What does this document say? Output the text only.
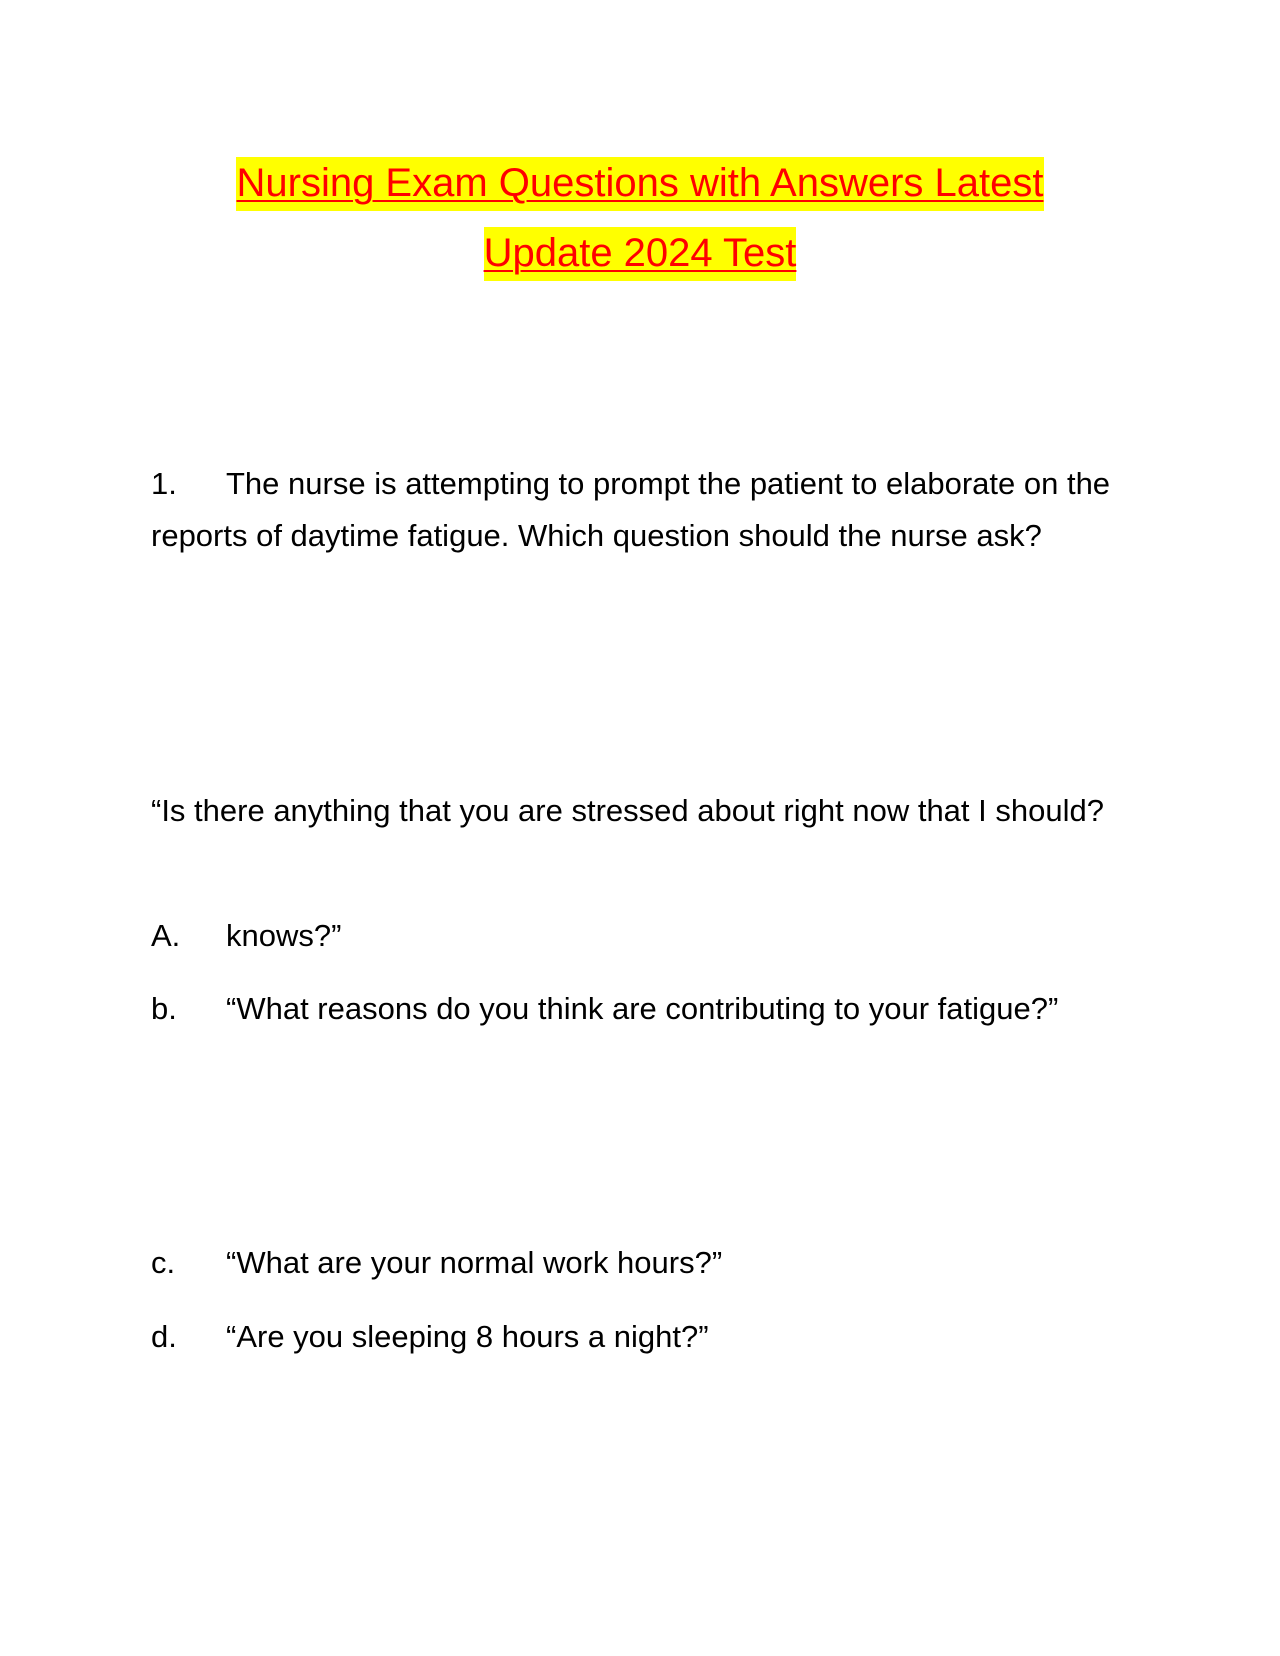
Nursing Exam Questions with Answers Latest
Update 2024 Test
1. The nurse is attempting to prompt the patient to elaborate on the reports of daytime fatigue. Which question should the nurse ask?
“Is there anything that you are stressed about right now that I should?
A. knows?”
b. “What reasons do you think are contributing to your fatigue?”
c. “What are your normal work hours?”
d. “Are you sleeping 8 hours a night?”
